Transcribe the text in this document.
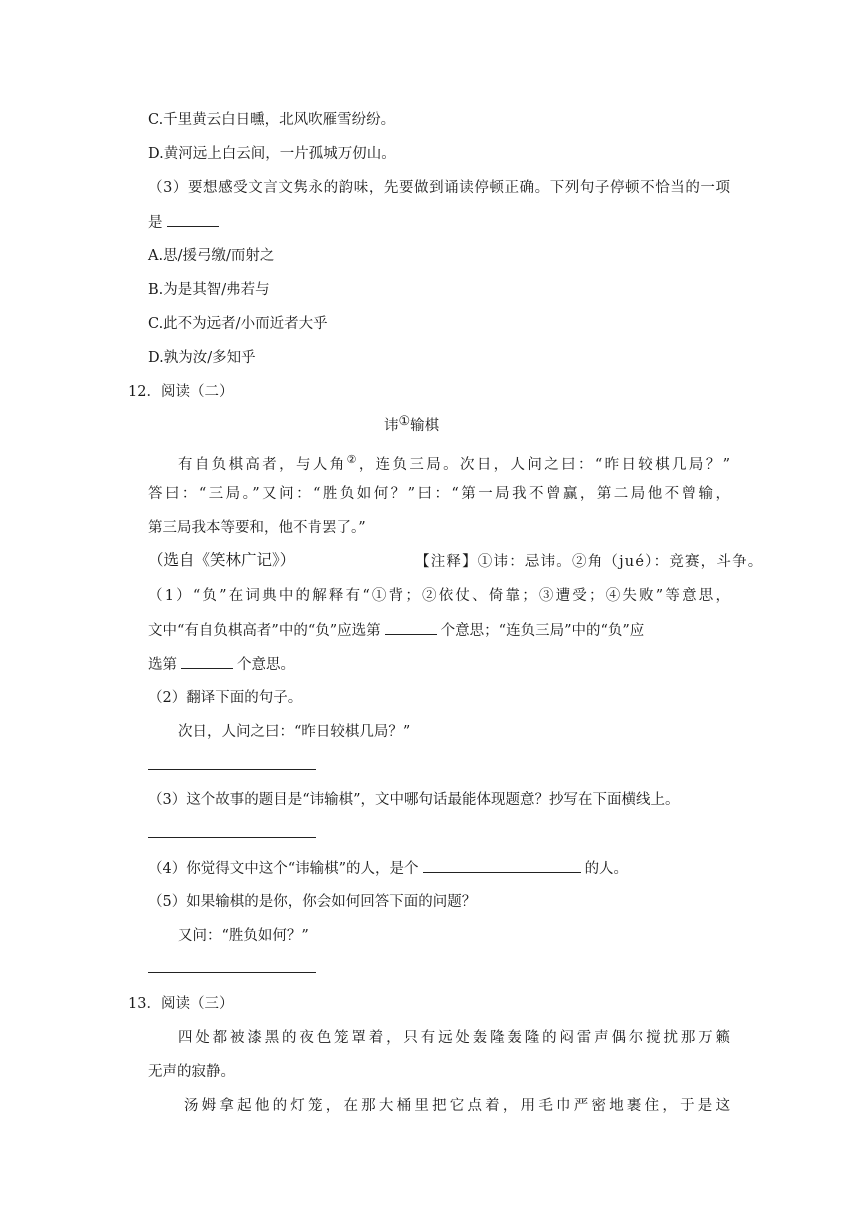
C.千里黄云白日曛，北风吹雁雪纷纷。
D.黄河远上白云间，一片孤城万仞山。
（3）要想感受文言文隽永的韵味，先要做到诵读停顿正确。下列句子停顿不恰当的一项
是
A.思/援弓缴/而射之
B.为是其智/弗若与
C.此不为远者/小而近者大乎
D.孰为汝/多知乎
12．阅读（二）
讳①输棋
有自负棋高者，与人角②，连负三局。次日，人问之曰：“昨日较棋几局？”
答曰：“三局。”又问：“胜负如何？”曰：“第一局我不曾赢，第二局他不曾输，
第三局我本等要和，他不肯罢了。”
（选自《笑林广记》）	【注释】①讳：忌讳。②角（jué）：竞赛，斗争。
（1）“负”在词典中的解释有“①背；②依仗、倚靠；③遭受；④失败”等意思，
文中“有自负棋高者”中的“负”应选第	个意思；“连负三局”中的“负”应
选第	个意思。
（2）翻译下面的句子。
次日，人问之曰：“昨日较棋几局？”
（3）这个故事的题目是“讳输棋”，文中哪句话最能体现题意？抄写在下面横线上。
（4）你觉得文中这个“讳输棋”的人，是个	的人。
（5）如果输棋的是你，你会如何回答下面的问题？
又问：“胜负如何？”
13．阅读（三）
四处都被漆黑的夜色笼罩着，只有远处轰隆轰隆的闷雷声偶尔搅扰那万籁
无声的寂静。
汤姆拿起他的灯笼，在那大桶里把它点着，用毛巾严密地裹住，于是这
